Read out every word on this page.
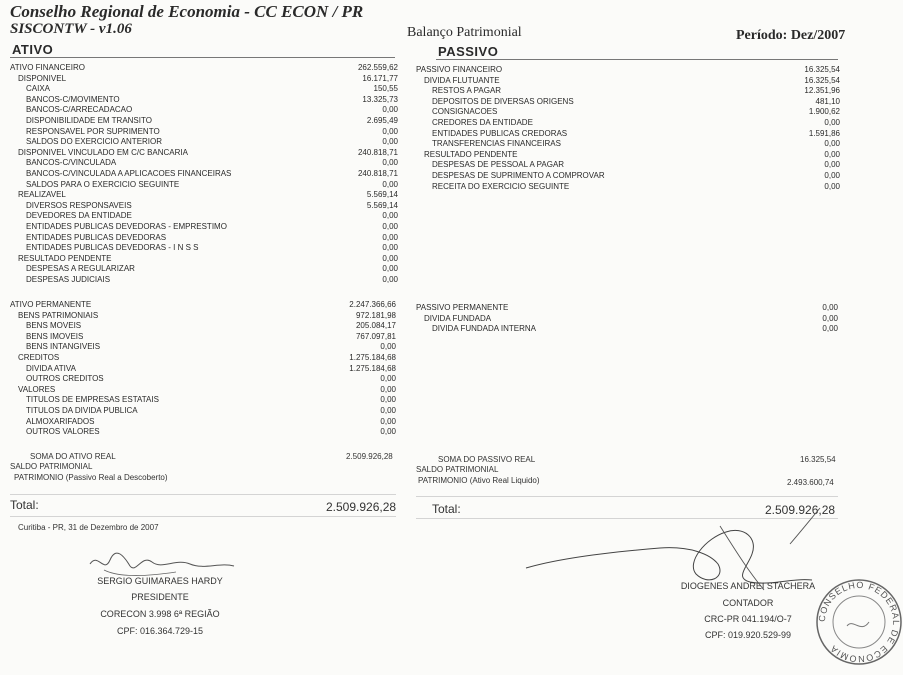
Conselho Regional de Economia - CC ECON / PR
SISCONTW - v1.06	Balanço Patrimonial	Período: Dez/2007
ATIVO	PASSIVO
ATIVO FINANCEIRO	262.559,62
DISPONIVEL	16.171,77
CAIXA	150,55
BANCOS-C/MOVIMENTO	13.325,73
BANCOS-C/ARRECADACAO	0,00
DISPONIBILIDADE EM TRANSITO	2.695,49
RESPONSAVEL POR SUPRIMENTO	0,00
SALDOS DO EXERCICIO ANTERIOR	0,00
DISPONIVEL VINCULADO EM C/C BANCARIA	240.818,71
BANCOS-C/VINCULADA	0,00
BANCOS-C/VINCULADA A APLICACOES FINANCEIRAS	240.818,71
SALDOS PARA O EXERCICIO SEGUINTE	0,00
REALIZAVEL	5.569,14
DIVERSOS RESPONSAVEIS	5.569,14
DEVEDORES DA ENTIDADE	0,00
ENTIDADES PUBLICAS DEVEDORAS - EMPRESTIMO	0,00
ENTIDADES PUBLICAS DEVEDORAS	0,00
ENTIDADES PUBLICAS DEVEDORAS - I N S S	0,00
RESULTADO PENDENTE	0,00
DESPESAS A REGULARIZAR	0,00
DESPESAS JUDICIAIS	0,00
ATIVO PERMANENTE	2.247.366,66
BENS PATRIMONIAIS	972.181,98
BENS MOVEIS	205.084,17
BENS IMOVEIS	767.097,81
BENS INTANGIVEIS	0,00
CREDITOS	1.275.184,68
DIVIDA ATIVA	1.275.184,68
OUTROS CREDITOS	0,00
VALORES	0,00
TITULOS DE EMPRESAS ESTATAIS	0,00
TITULOS DA DIVIDA PUBLICA	0,00
ALMOXARIFADOS	0,00
OUTROS VALORES	0,00
PASSIVO FINANCEIRO	16.325,54
DIVIDA FLUTUANTE	16.325,54
RESTOS A PAGAR	12.351,96
DEPOSITOS DE DIVERSAS ORIGENS	481,10
CONSIGNACOES	1.900,62
CREDORES DA ENTIDADE	0,00
ENTIDADES PUBLICAS CREDORAS	1.591,86
TRANSFERENCIAS FINANCEIRAS	0,00
RESULTADO PENDENTE	0,00
DESPESAS DE PESSOAL A PAGAR	0,00
DESPESAS DE SUPRIMENTO A COMPROVAR	0,00
RECEITA DO EXERCICIO SEGUINTE	0,00
PASSIVO PERMANENTE	0,00
DIVIDA FUNDADA	0,00
DIVIDA FUNDADA INTERNA	0,00
SOMA DO ATIVO REAL	2.509.926,28
SALDO PATRIMONIAL
PATRIMONIO (Passivo Real a Descoberto)
SOMA DO PASSIVO REAL	16.325,54
SALDO PATRIMONIAL
PATRIMONIO (Ativo Real Liquido)	2.493.600,74
Total:	2.509.926,28	Total:	2.509.926,28
Curitiba - PR, 31 de Dezembro de 2007
SERGIO GUIMARAES HARDY
PRESIDENTE
CORECON 3.998 6ª REGIÃO
CPF: 016.364.729-15
DIOGENES ANDREI STACHERA
CONTADOR
CRC-PR 041.194/O-7
CPF: 019.920.529-99
CONSELHO FEDERAL DE ECONOMIA
